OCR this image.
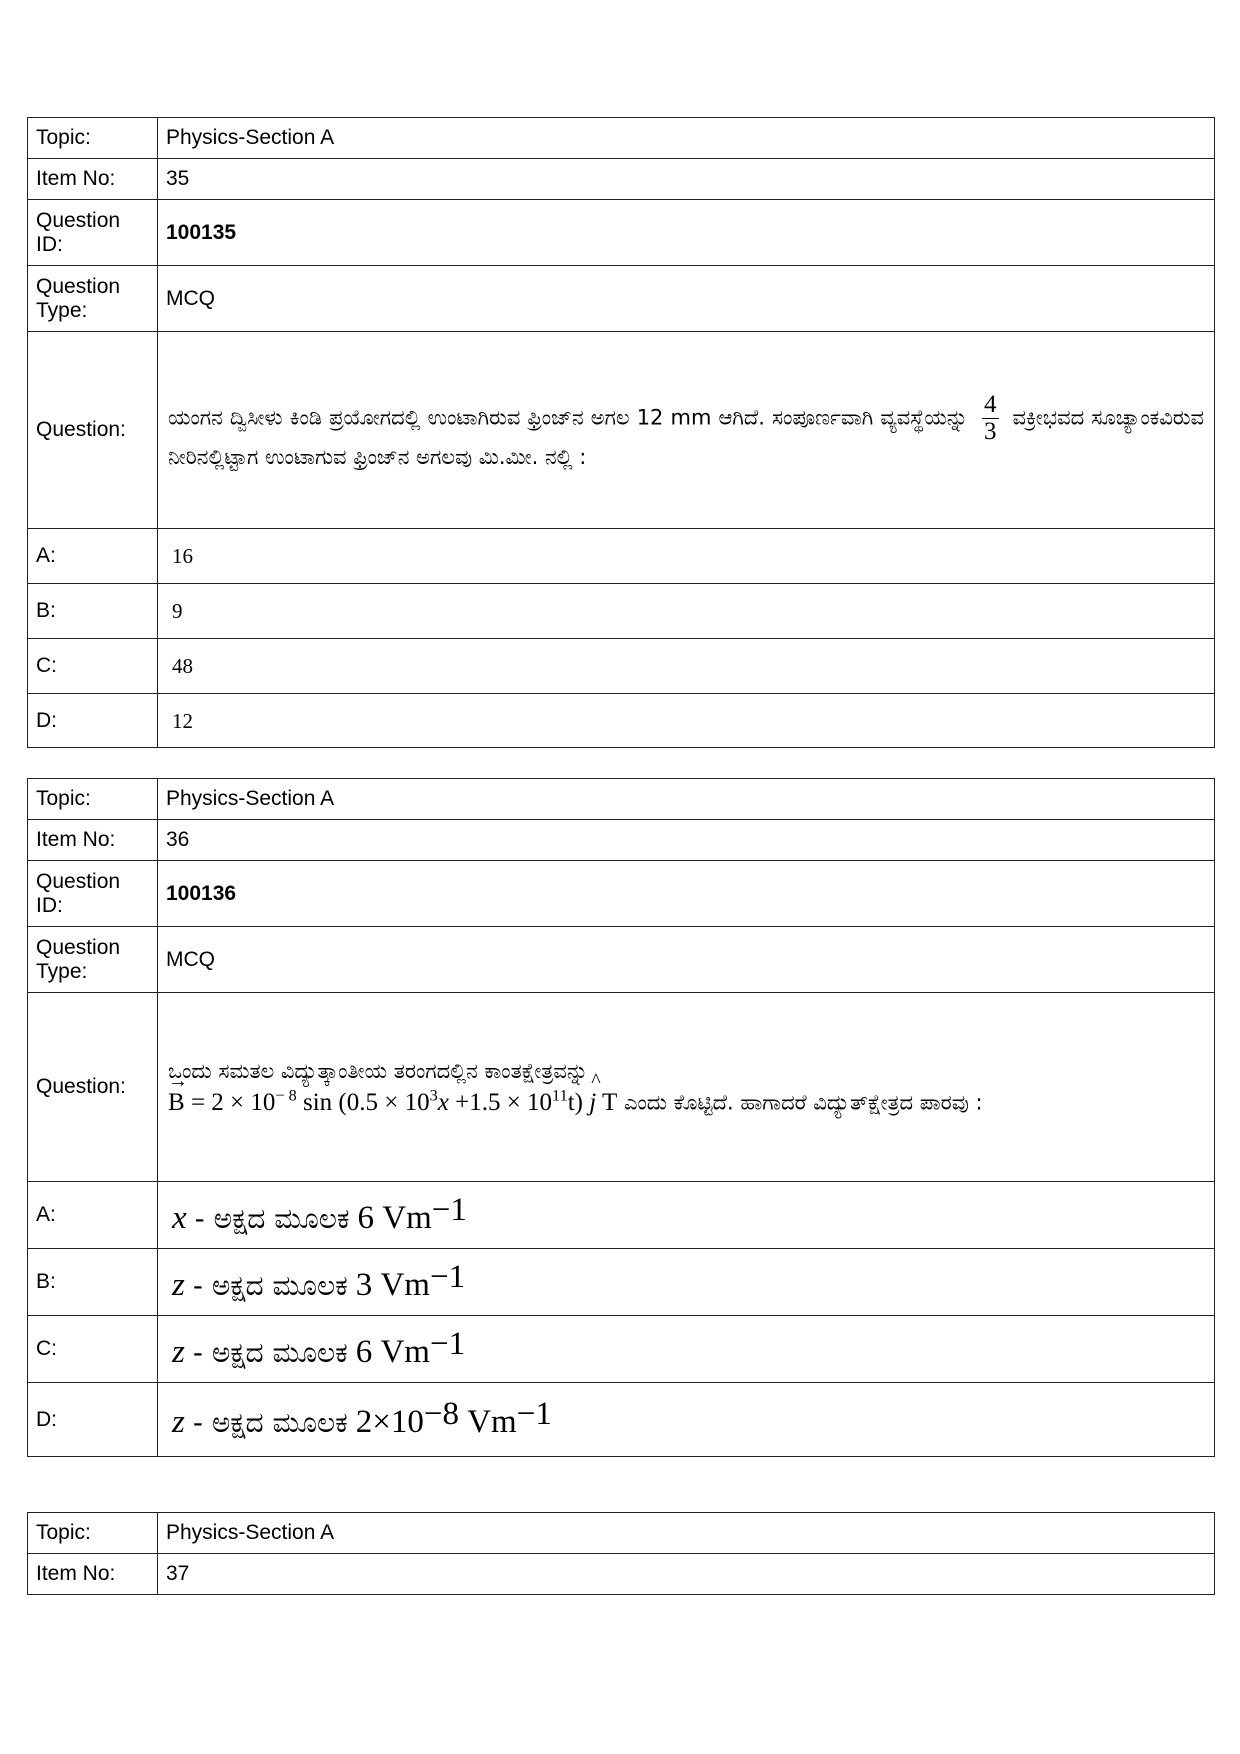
Topic:	Physics-Section A
Item No:	35
Question ID:	100135
Question Type:	MCQ
Question:	ಯಂಗನ ದ್ವಿಸೀಳು ಕಿಂಡಿ ಪ್ರಯೋಗದಲ್ಲಿ ಉಂಟಾಗಿರುವ ಫ್ರಿಂಜ್‌ನ ಅಗಲ 12 mm ಆಗಿದೆ. ಸಂಪೂರ್ಣವಾಗಿ ವ್ಯವಸ್ಥೆಯನ್ನು $\frac{4}{3}$ ವಕ್ರೀಭವದ ಸೂಚ್ಯಾಂಕವಿರುವ ನೀರಿನಲ್ಲಿಟ್ಟಾಗ ಉಂಟಾಗುವ ಫ್ರಿಂಜ್‌ನ ಅಗಲವು ಮಿ.ಮೀ. ನಲ್ಲಿ :
A:	16
B:	9
C:	48
D:	12
Topic:	Physics-Section A
Item No:	36
Question ID:	100136
Question Type:	MCQ
Question:	ಒಂದು ಸಮತಲ ವಿದ್ಯುತ್ಕಾಂತೀಯ ತರಂಗದಲ್ಲಿನ ಕಾಂತಕ್ಷೇತ್ರವನ್ನು
→ $B = 2 \times 10^{- 8}$ $\sin (0.5 \times 10^3x +1.5 \times 10^{11}t)$ ^ j T ಎಂದು ಕೊಟ್ಟಿದೆ. ಹಾಗಾದರೆ ವಿದ್ಯುತ್‌ಕ್ಷೇತ್ರದ ಪಾರವು :

A:	x - ಅಕ್ಷದ ಮೂಲಕ 6 $Vm^{-1}$
B:	z - ಅಕ್ಷದ ಮೂಲಕ 3 $Vm^{-1}$
C:	z - ಅಕ್ಷದ ಮೂಲಕ 6 $Vm^{-1}$
D:	z - ಅಕ್ಷದ ಮೂಲಕ $2\times 10^{-8}$ $Vm^{-1}$
Topic:	Physics-Section A
Item No:	37
